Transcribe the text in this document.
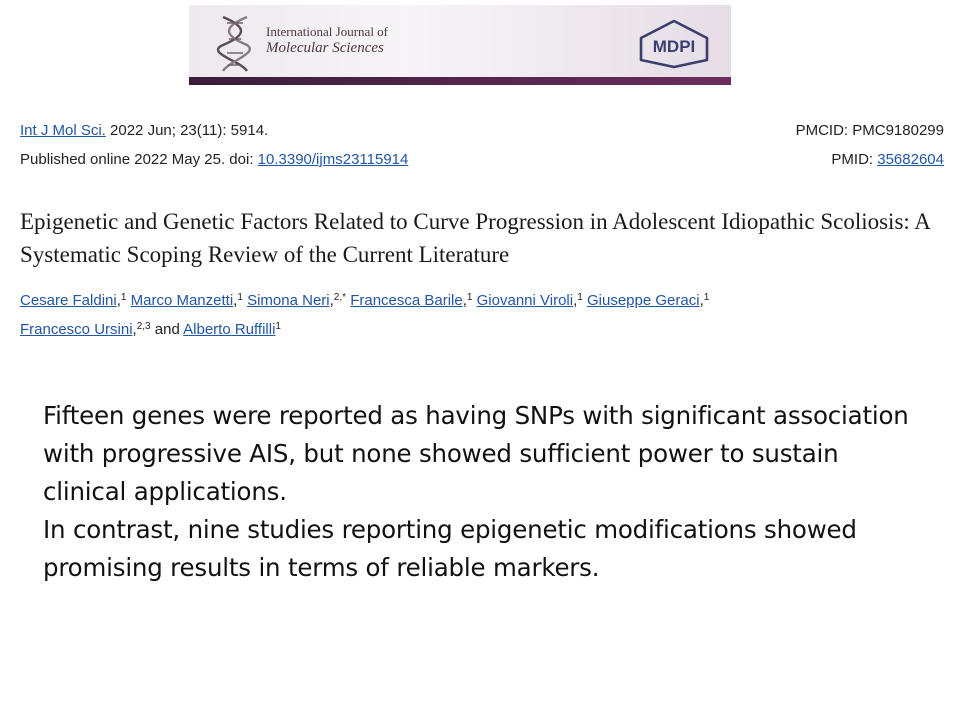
International Journal of
Molecular Sciences	MDPI
Int J Mol Sci. 2022 Jun; 23(11): 5914.	PMCID: PMC9180299
Published online 2022 May 25. doi: 10.3390/ijms23115914	PMID: 35682604
Epigenetic and Genetic Factors Related to Curve Progression in Adolescent Idiopathic Scoliosis: A Systematic Scoping Review of the Current Literature
Cesare Faldini,$^1$ Marco Manzetti,$^1$ Simona Neri,$^{2,*}$ Francesca Barile,$^1$ Giovanni Viroli,$^1$ Giuseppe Geraci,$^1$
Francesco Ursini,$^{2,3}$ and Alberto Ruffilli$^1$

Fifteen genes were reported as having SNPs with significant association with progressive AIS, but none showed sufficient power to sustain clinical applications.

In contrast, nine studies reporting epigenetic modifications showed promising results in terms of reliable markers.
